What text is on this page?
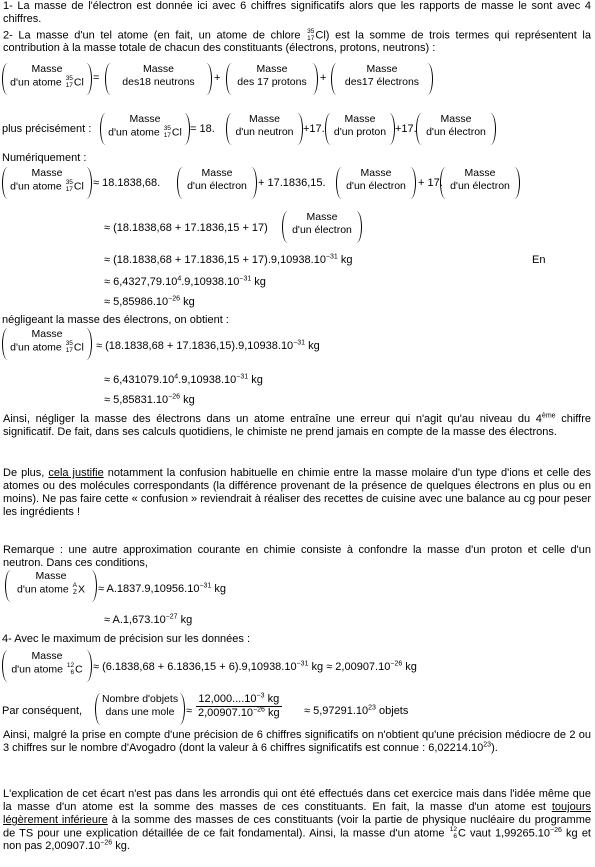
1- La masse de l'électron est donnée ici avec 6 chiffres significatifs alors que les rapports de masse le sont avec 4 chiffres.
2- La masse d'un tel atome (en fait, un atome de chlore 35
17Cl) est la somme de trois termes qui représentent la contribution à la masse totale de chacun des constituants (électrons, protons, neutrons) :
Masse
d'un atome 35
17Cl =
Masse
des18 neutrons	+
Masse
des 17 protons	+
Masse
des17 électrons
plus précisément :
Masse
d'un atome 35
17Cl = 18.
Masse
d'un neutron +17.
Masse
d'un proton +17.
Masse
d'un électron
Numériquement :
Masse
d'un atome 35
17Cl ≈ 18.1838,68.
Masse
d'un électron	+ 17.1836,15.
Masse
d'un électron	+ 17.
Masse
d'un électron
≈ (18.1838,68 + 17.1836,15 + 17)
Masse
d'un électron
≈ $(18.1838,68 + 17.1836,15 + 17).9,10938.10^{-31}$ kg	En
≈ $6,4327,79.10^4.9,10938.10^{-31}$ kg
≈ $5,85986.10^{-26}$ kg
négligeant la masse des électrons, on obtient :
Masse
d'un atome 35
17Cl	≈ $(18.1838,68 + 17.1836,15).9,10938.10^{-31}$ kg
≈ $6,431079.10^4.9,10938.10^{-31}$ kg
≈ $5,85831.10^{-26}$ kg
Ainsi, négliger la masse des électrons dans un atome entraîne une erreur qui n'agit qu'au niveau du 4ème chiffre significatif. De fait, dans ses calculs quotidiens, le chimiste ne prend jamais en compte de la masse des électrons.
De plus, cela justifie notamment la confusion habituelle en chimie entre la masse molaire d'un type d'ions et celle des atomes ou des molécules correspondants (la différence provenant de la présence de quelques électrons en plus ou en moins). Ne pas faire cette « confusion » reviendrait à réaliser des recettes de cuisine avec une balance au cg pour peser les ingrédients !
Remarque : une autre approximation courante en chimie consiste à confondre la masse d'un proton et celle d'un neutron. Dans ces conditions,
Masse
d'un atome A
ZX	≈ $A.1837.9,10956.10^{-31}$ kg
≈ $A.1,673.10^{-27}$ kg
4- Avec le maximum de précision sur les données :
Masse
d'un atome 12
$6C \approx (6.1838,68 + 6.1836,15 + 6).9,10938.10^{-31}$ kg ≈ $2,00907.10^{-26}$ kg
Par conséquent,
Nombre d'objets
dans une mole	≈ $\frac{12,000....10^{-3} kg}{2,00907.10^{-26} kg} \approx 5,97291.10^{23}$ objets
Ainsi, malgré la prise en compte d'une précision de 6 chiffres significatifs on n'obtient qu'une précision médiocre de 2 ou 3 chiffres sur le nombre d'Avogadro (dont la valeur à 6 chiffres significatifs est connue : 6,02214.10$^{23}$).
L'explication de cet écart n'est pas dans les arrondis qui ont été effectués dans cet exercice mais dans l'idée même que la masse d'un atome est la somme des masses de ces constituants. En fait, la masse d'un atome est toujours légèrement inférieure à la somme des masses de ces constituants (voir la partie de physique nucléaire du programme de TS pour une explication détaillée de ce fait fondamental). Ainsi, la masse d'un atome 12
6C vaut $1,99265.10^{-26}$ kg et non pas $2,00907.10^{-26}$ kg.
